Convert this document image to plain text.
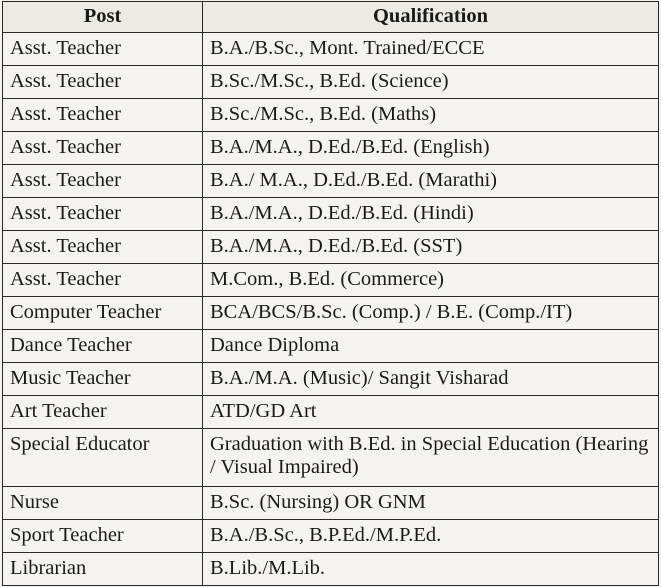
Post	Qualification
Asst. Teacher	B.A./B.Sc., Mont. Trained/ECCE
Asst. Teacher	B.Sc./M.Sc., B.Ed. (Science)
Asst. Teacher	B.Sc./M.Sc., B.Ed. (Maths)
Asst. Teacher	B.A./M.A., D.Ed./B.Ed. (English)
Asst. Teacher	B.A./ M.A., D.Ed./B.Ed. (Marathi)
Asst. Teacher	B.A./M.A., D.Ed./B.Ed. (Hindi)
Asst. Teacher	B.A./M.A., D.Ed./B.Ed. (SST)
Asst. Teacher	M.Com., B.Ed. (Commerce)
Computer Teacher	BCA/BCS/B.Sc. (Comp.) / B.E. (Comp./IT)
Dance Teacher	Dance Diploma
Music Teacher	B.A./M.A. (Music)/ Sangit Visharad
Art Teacher	ATD/GD Art
Special Educator	Graduation with B.Ed. in Special Education (Hearing / Visual Impaired)
Nurse	B.Sc. (Nursing) OR GNM
Sport Teacher	B.A./B.Sc., B.P.Ed./M.P.Ed.
Librarian	B.Lib./M.Lib.
